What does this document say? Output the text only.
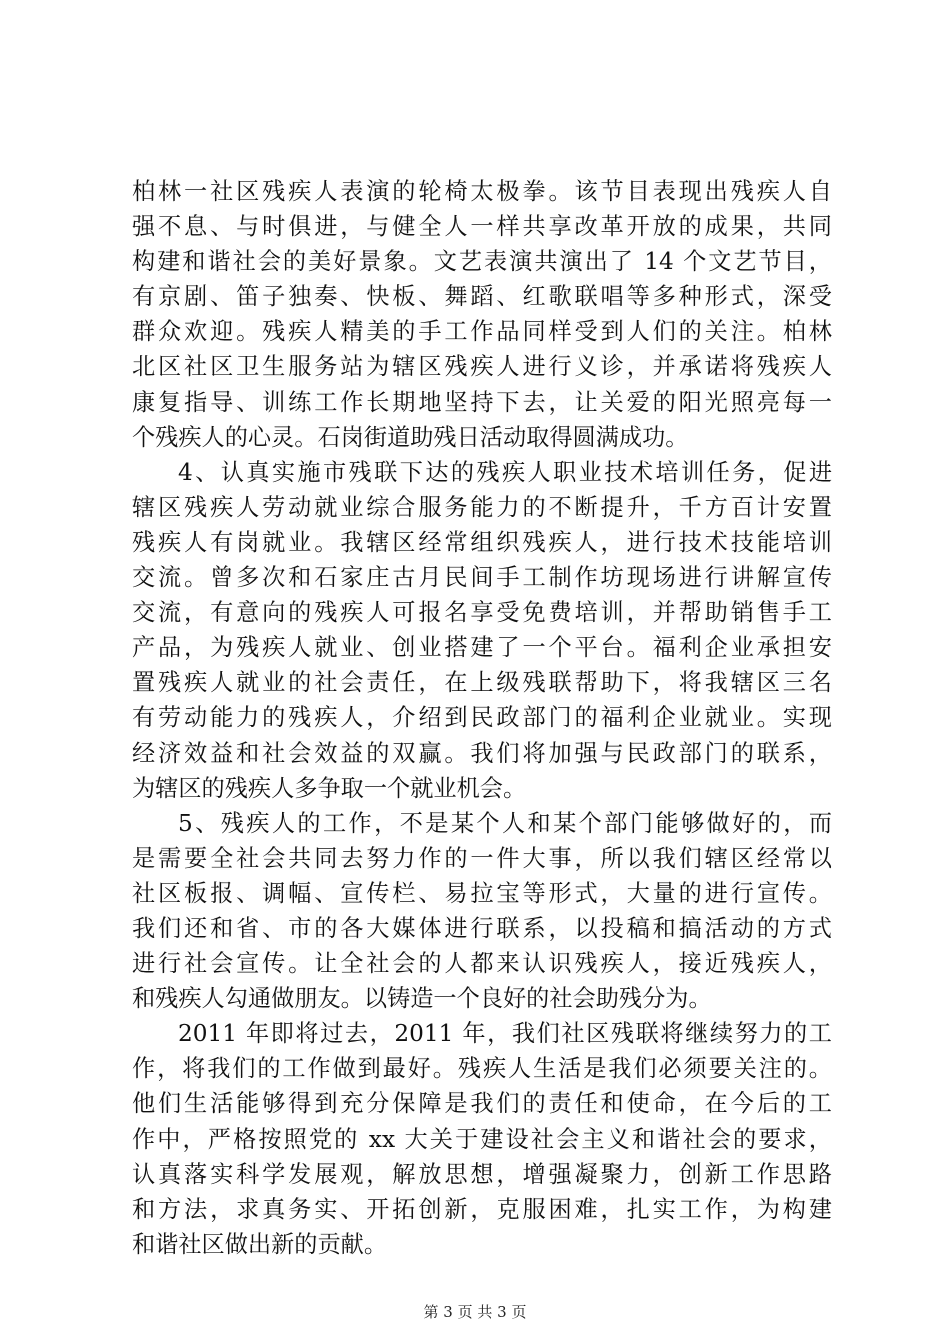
柏林一社区残疾人表演的轮椅太极拳。该节目表现出残疾人自
强不息、与时俱进，与健全人一样共享改革开放的成果，共同
构建和谐社会的美好景象。文艺表演共演出了 14 个文艺节目，
有京剧、笛子独奏、快板、舞蹈、红歌联唱等多种形式，深受
群众欢迎。残疾人精美的手工作品同样受到人们的关注。柏林
北区社区卫生服务站为辖区残疾人进行义诊，并承诺将残疾人
康复指导、训练工作长期地坚持下去，让关爱的阳光照亮每一
个残疾人的心灵。石岗街道助残日活动取得圆满成功。
4、认真实施市残联下达的残疾人职业技术培训任务，促进
辖区残疾人劳动就业综合服务能力的不断提升，千方百计安置
残疾人有岗就业。我辖区经常组织残疾人，进行技术技能培训
交流。曾多次和石家庄古月民间手工制作坊现场进行讲解宣传
交流，有意向的残疾人可报名享受免费培训，并帮助销售手工
产品，为残疾人就业、创业搭建了一个平台。福利企业承担安
置残疾人就业的社会责任，在上级残联帮助下，将我辖区三名
有劳动能力的残疾人，介绍到民政部门的福利企业就业。实现
经济效益和社会效益的双赢。我们将加强与民政部门的联系，
为辖区的残疾人多争取一个就业机会。
5、残疾人的工作，不是某个人和某个部门能够做好的，而
是需要全社会共同去努力作的一件大事，所以我们辖区经常以
社区板报、调幅、宣传栏、易拉宝等形式，大量的进行宣传。
我们还和省、市的各大媒体进行联系，以投稿和搞活动的方式
进行社会宣传。让全社会的人都来认识残疾人，接近残疾人，
和残疾人勾通做朋友。以铸造一个良好的社会助残分为。
2011 年即将过去，2011 年，我们社区残联将继续努力的工
作，将我们的工作做到最好。残疾人生活是我们必须要关注的。
他们生活能够得到充分保障是我们的责任和使命，在今后的工
作中，严格按照党的 xx 大关于建设社会主义和谐社会的要求，
认真落实科学发展观，解放思想，增强凝聚力，创新工作思路
和方法，求真务实、开拓创新，克服困难，扎实工作，为构建
和谐社区做出新的贡献。
第 3 页 共 3 页
